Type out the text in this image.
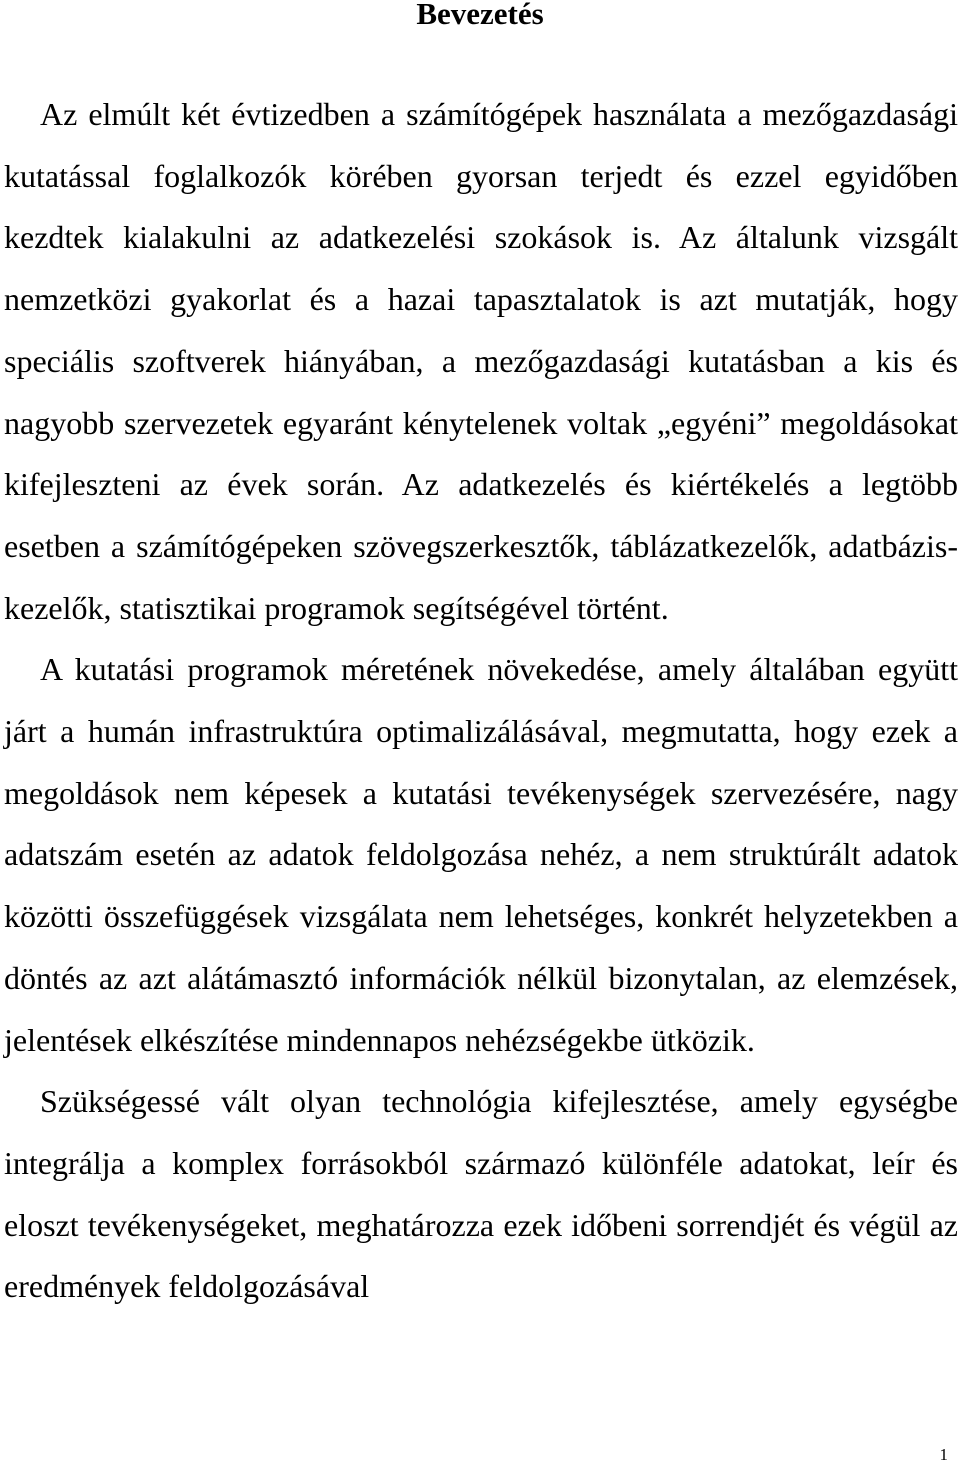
Bevezetés

Az elmúlt két évtizedben a számítógépek használata a mezőgazdasági kutatással foglalkozók körében gyorsan terjedt és ezzel egyidőben kezdtek kialakulni az adatkezelési szokások is. Az általunk vizsgált nemzetközi gyakorlat és a hazai tapasztalatok is azt mutatják, hogy speciális szoftverek hiányában, a mezőgazdasági kutatásban a kis és nagyobb szervezetek egyaránt kénytelenek voltak „egyéni” megoldásokat kifejleszteni az évek során. Az adatkezelés és kiértékelés a legtöbb esetben a számítógépeken szövegszerkesztők, táblázatkezelők, adatbázis-kezelők, statisztikai programok segítségével történt.

A kutatási programok méretének növekedése, amely általában együtt járt a humán infrastruktúra optimalizálásával, megmutatta, hogy ezek a megoldások nem képesek a kutatási tevékenységek szervezésére, nagy adatszám esetén az adatok feldolgozása nehéz, a nem struktúrált adatok közötti összefüggések vizsgálata nem lehetséges, konkrét helyzetekben a döntés az azt alátámasztó információk nélkül bizonytalan, az elemzések, jelentések elkészítése mindennapos nehézségekbe ütközik.

Szükségessé vált olyan technológia kifejlesztése, amely egységbe integrálja a komplex forrásokból származó különféle adatokat, leír és eloszt tevékenységeket, meghatározza ezek időbeni sorrendjét és végül az eredmények feldolgozásával

1
